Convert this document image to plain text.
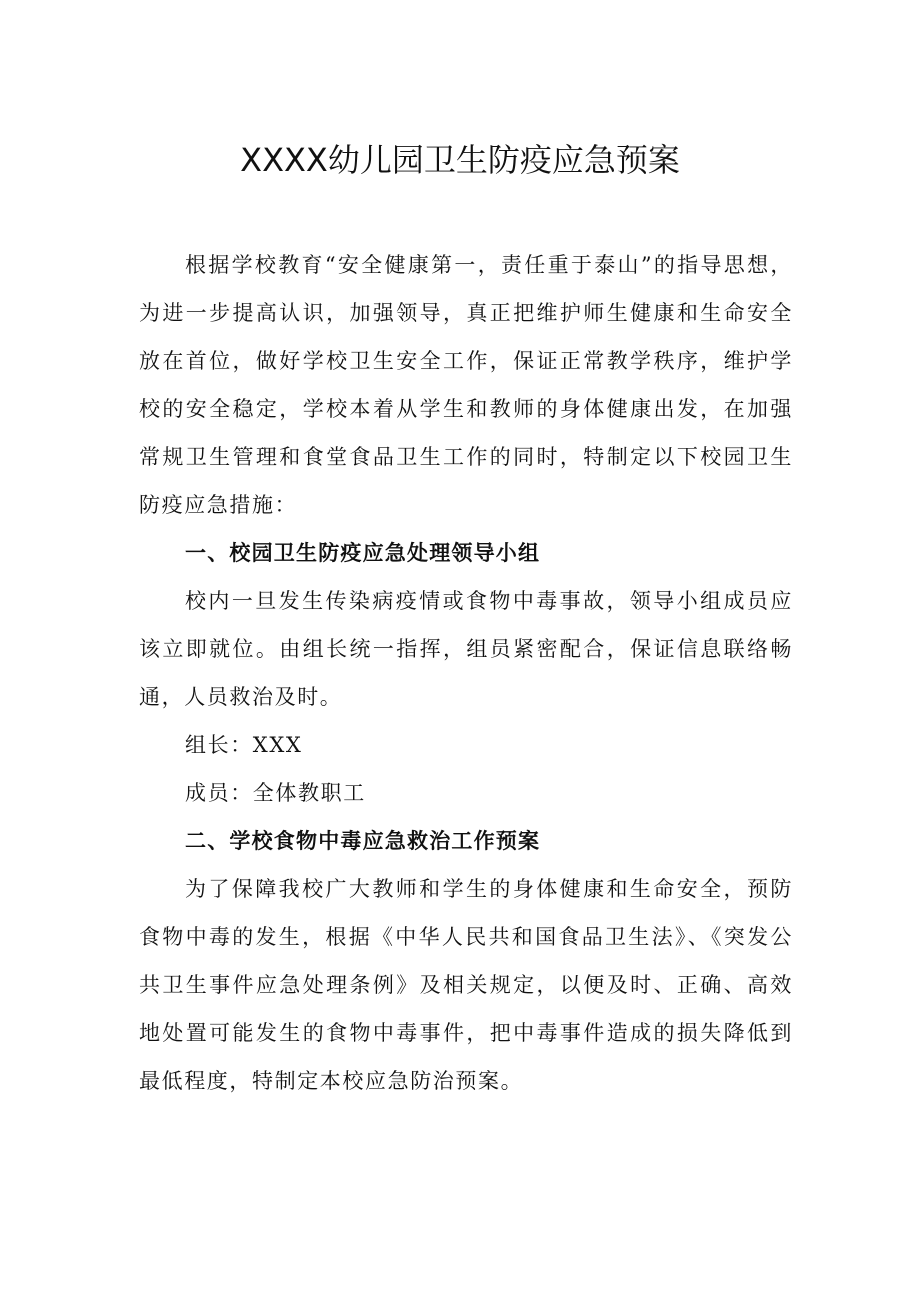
XXXX幼儿园卫生防疫应急预案

根据学校教育“安全健康第一，责任重于泰山”的指导思想，为进一步提高认识，加强领导，真正把维护师生健康和生命安全放在首位，做好学校卫生安全工作，保证正常教学秩序，维护学校的安全稳定，学校本着从学生和教师的身体健康出发，在加强常规卫生管理和食堂食品卫生工作的同时，特制定以下校园卫生防疫应急措施：

一、校园卫生防疫应急处理领导小组

校内一旦发生传染病疫情或食物中毒事故，领导小组成员应该立即就位。由组长统一指挥，组员紧密配合，保证信息联络畅通，人员救治及时。

组长：XXX

成员：全体教职工

二、学校食物中毒应急救治工作预案

为了保障我校广大教师和学生的身体健康和生命安全，预防食物中毒的发生，根据《中华人民共和国食品卫生法》、《突发公共卫生事件应急处理条例》及相关规定，以便及时、正确、高效地处置可能发生的食物中毒事件，把中毒事件造成的损失降低到最低程度，特制定本校应急防治预案。
